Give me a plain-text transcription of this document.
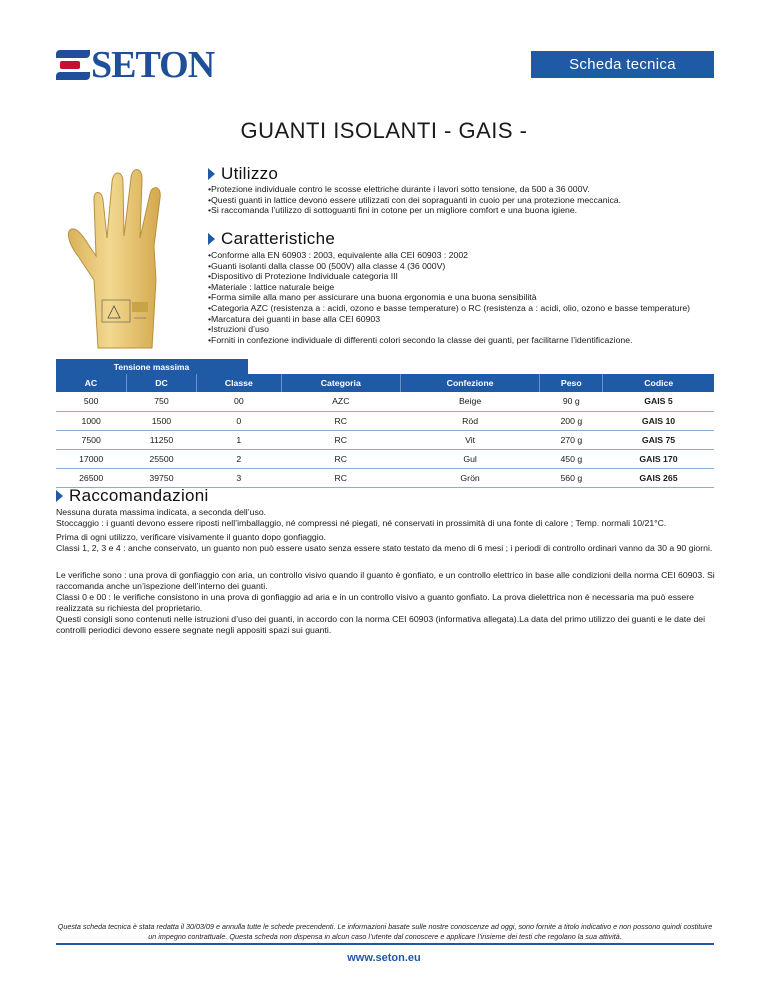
SETON	Scheda tecnica
GUANTI ISOLANTI - GAIS -
Utilizzo
• Protezione individuale contro le scosse elettriche durante i lavori sotto tensione, da 500 a 36 000V.
• Questi guanti in lattice devono essere utilizzati con dei sopraguanti in cuoio per una protezione meccanica.
• Si raccomanda l’utilizzo di sottoguanti fini in cotone per un migliore comfort e una buona igiene.
Caratteristiche
• Conforme alla EN 60903 : 2003, equivalente alla CEI 60903 : 2002
• Guanti isolanti dalla classe 00 (500V) alla classe 4 (36 000V)
• Dispositivo di Protezione Individuale categoria III
• Materiale : lattice naturale beige
• Forma simile alla mano per assicurare una buona ergonomia e una buona sensibilità
• Categoria AZC (resistenza a : acidi, ozono e basse temperature) o RC (resistenza a : acidi, olio, ozono e basse temperature)
• Marcatura dei guanti in base alla CEI 60903
• Istruzioni d’uso
• Forniti in confezione individuale di differenti colori secondo la classe dei guanti, per facilitarne l’identificazione.
Tensione massima
AC	DC	Classe	Categoria	Confezione	Peso	Codice
500	750	00	AZC	Beige	90 g	GAIS 5
1000	1500	0	RC	Röd	200 g	GAIS 10
7500	11250	1	RC	Vit	270 g	GAIS 75
17000	25500	2	RC	Gul	450 g	GAIS 170
26500	39750	3	RC	Grön	560 g	GAIS 265
Raccomandazioni
Nessuna durata massima indicata, a seconda dell’uso.
Stoccaggio : i guanti devono essere riposti nell’imballaggio, né compressi né piegati, né conservati in prossimità di una fonte di calore ; Temp. normali 10/21°C.
Prima di ogni utilizzo, verificare visivamente il guanto dopo gonfiaggio.
Classi 1, 2, 3 e 4 : anche conservato, un guanto non può essere usato senza essere stato testato da meno di 6 mesi ; i periodi di controllo ordinari vanno da 30 a 90 giorni.
Le verifiche sono : una prova di gonfiaggio con aria, un controllo visivo quando il guanto è gonfiato, e un controllo elettrico in base alle condizioni della norma CEI 60903. Si raccomanda anche un’ispezione dell’interno dei guanti.
Classi 0 e 00 : le verifiche consistono in una prova di gonfiaggio ad aria e in un controllo visivo a guanto gonfiato. La prova dielettrica non è necessaria ma può essere realizzata su richiesta del proprietario.
Questi consigli sono contenuti nelle istruzioni d’uso dei guanti, in accordo con la norma CEI 60903 (informativa allegata).La data del primo utilizzo dei guanti e le date dei controlli periodici devono essere segnate negli appositi spazi sui guanti.
Questa scheda tecnica è stata redatta il 30/03/09 e annulla tutte le schede precendenti. Le informazioni basate sulle nostre conoscenze ad oggi, sono fornite a titolo indicativo e non possono quindi costituire un impegno contrattuale. Questa scheda non dispensa in alcun caso l’utente dal conoscere e applicare l’insieme dei testi che regolano la sua attività.
www.seton.eu
